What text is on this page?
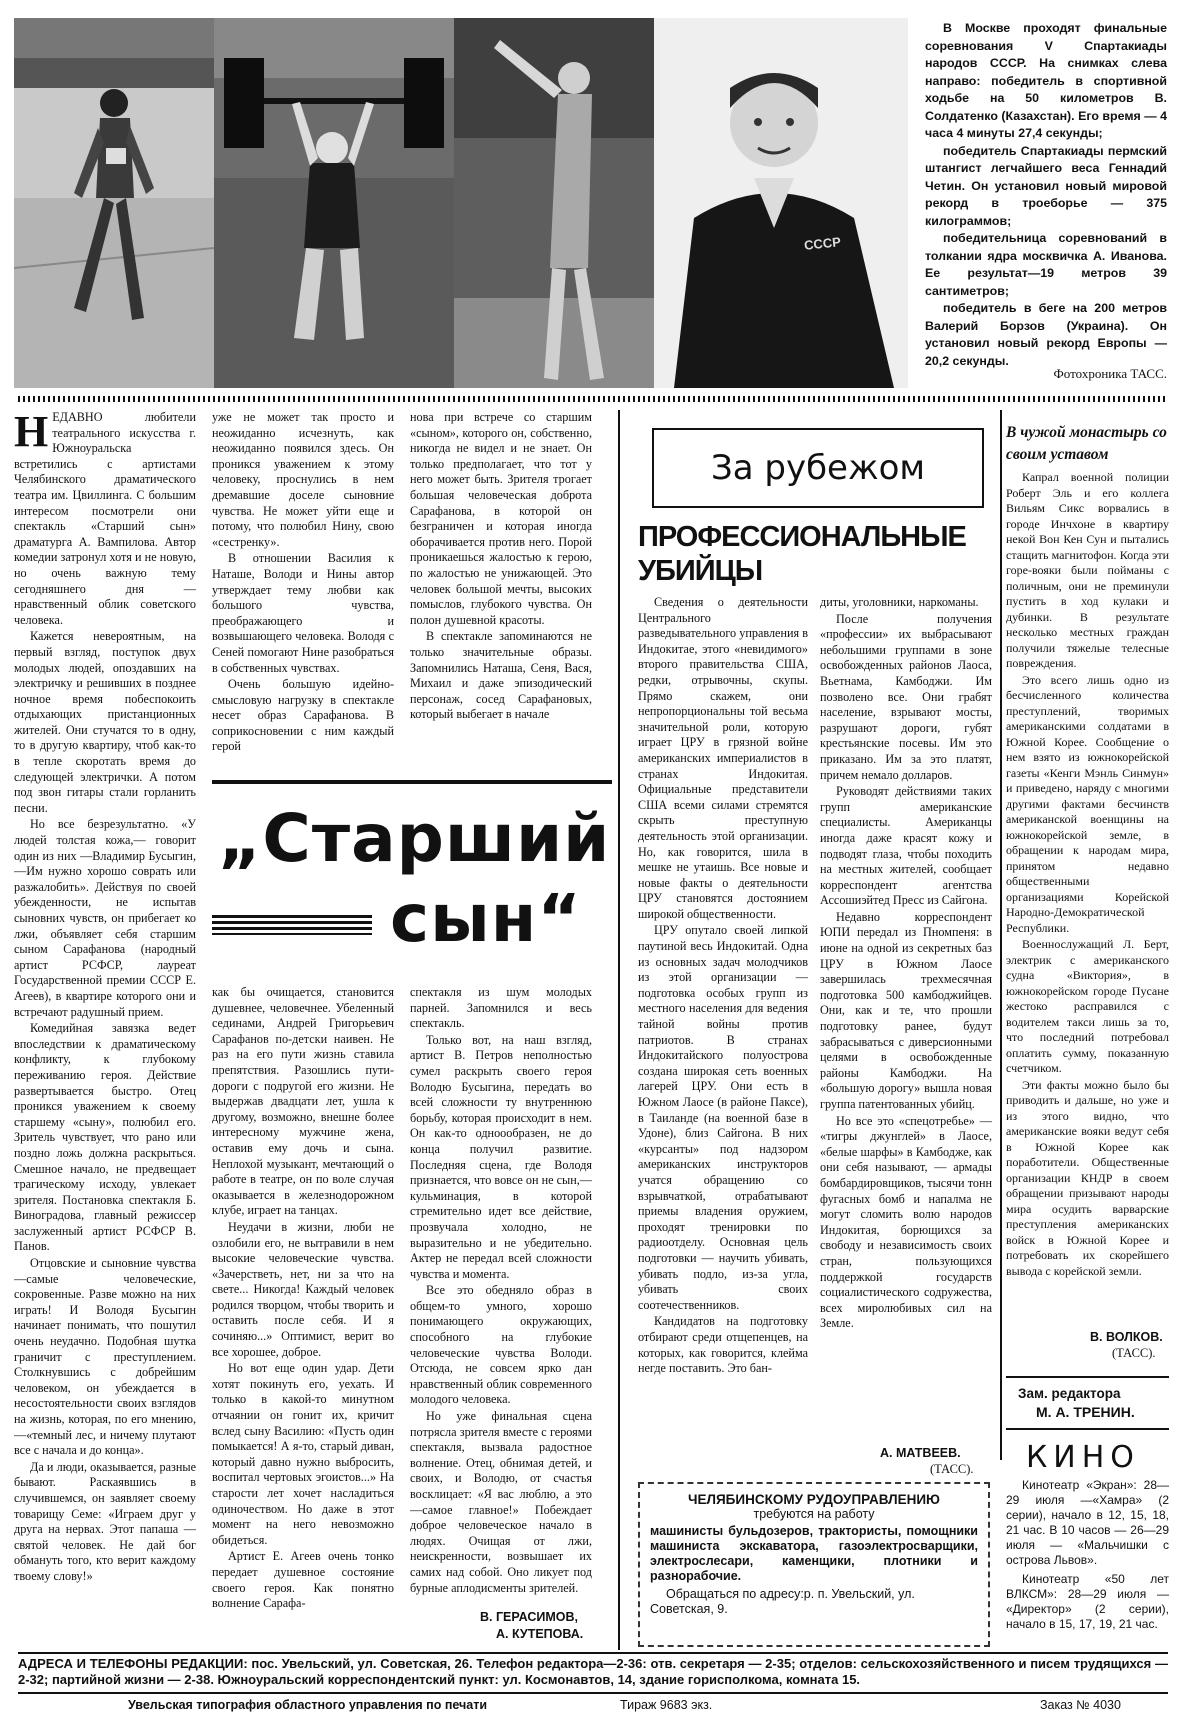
СССР

В Москве проходят финальные соревнования V Спартакиады народов СССР. На снимках слева направо: победитель в спортивной ходьбе на 50 километров В. Солдатенко (Казахстан). Его время — 4 часа 4 минуты 27,4 секунды;

победитель Спартакиады пермский штангист легчайшего веса Геннадий Четин. Он установил новый мировой рекорд в троеборье — 375 килограммов;

победительница соревнований в толкании ядра москвичка А. Иванова. Ее результат—19 метров 39 сантиметров;

победитель в беге на 200 метров Валерий Борзов (Украина). Он установил новый рекорд Европы — 20,2 секунды.

Фотохроника ТАСС.
Н ЕДАВНО любители театрального искусства г. Южноуральска встретились с артистами Челябинского драматического театра им. Цвиллинга. С большим интересом посмотрели они спектакль «Старший сын» драматурга А. Вампилова. Автор комедии затронул хотя и не новую, но очень важную тему сегодняшнего дня — нравственный облик советского человека.

Кажется невероятным, на первый взгляд, поступок двух молодых людей, опоздавших на электричку и решивших в позднее ночное время побеспокоить отдыхающих пристанционных жителей. Они стучатся то в одну, то в другую квартиру, чтоб как-то в тепле скоротать время до следующей электрички. А потом под звон гитары стали горланить песни.

Но все безрезультатно. «У людей толстая кожа,— говорит один из них —Владимир Бусыгин, —Им нужно хорошо соврать или разжалобить». Действуя по своей убежденности, не испытав сыновних чувств, он прибегает ко лжи, объявляет себя старшим сыном Сарафанова (народный артист РСФСР, лауреат Государственной премии СССР Е. Агеев), в квартире которого они и встречают радушный прием.

Комедийная завязка ведет впоследствии к драматическому конфликту, к глубокому переживанию героя. Действие развертывается быстро. Отец проникся уважением к своему старшему «сыну», полюбил его. Зритель чувствует, что рано или поздно ложь должна раскрыться. Смешное начало, не предвещает трагическому исходу, увлекает зрителя. Постановка спектакля Б. Виноградова, главный режиссер заслуженный артист РСФСР В. Панов.

Отцовские и сыновние чувства —самые человеческие, сокровенные. Разве можно на них играть! И Володя Бусыгин начинает понимать, что пошутил очень неудачно. Подобная шутка граничит с преступлением. Столкнувшись с добрейшим человеком, он убеждается в несостоятельности своих взглядов на жизнь, которая, по его мнению, —«темный лес, и ничему плутают все с начала и до конца».

Да и люди, оказывается, разные бывают. Раскаявшись в случившемся, он заявляет своему товарищу Семе: «Играем друг у друга на нервах. Этот папаша — святой человек. Не дай бог обмануть того, кто верит каждому твоему слову!»

уже не может так просто и неожиданно исчезнуть, как неожиданно появился здесь. Он проникся уважением к этому человеку, проснулись в нем дремавшие доселе сыновние чувства. Не может уйти еще и потому, что полюбил Нину, свою «сестренку».

В отношении Василия к Наташе, Володи и Нины автор утверждает тему любви как большого чувства, преображающего и возвышающего человека. Володя с Сеней помогают Нине разобраться в собственных чувствах.

Очень большую идейно-смысловую нагрузку в спектакле несет образ Сарафанова. В соприкосновении с ним каждый герой

нова при встрече со старшим «сыном», которого он, собственно, никогда не видел и не знает. Он только предполагает, что тот у него может быть. Зрителя трогает большая человеческая доброта Сарафанова, в которой он безграничен и которая иногда оборачивается против него. Порой проникаешься жалостью к герою, по жалостью не унижающей. Это человек большой мечты, высоких помыслов, глубокого чувства. Он полон душевной красоты.

В спектакле запоминаются не только значительные образы. Запомнились Наташа, Сеня, Вася, Михаил и даже эпизодический персонаж, сосед Сарафановых, который выбегает в начале

„Старший
сын“

как бы очищается, становится душевнее, человечнее. Убеленный сединами, Андрей Григорьевич Сарафанов по-детски наивен. Не раз на его пути жизнь ставила препятствия. Разошлись пути-дороги с подругой его жизни. Не выдержав двадцати лет, ушла к другому, возможно, внешне более интересному мужчине жена, оставив ему дочь и сына. Неплохой музыкант, мечтающий о работе в театре, он по воле случая оказывается в железнодорожном клубе, играет на танцах.

Неудачи в жизни, люби не озлобили его, не вытравили в нем высокие человеческие чувства. «Зачерстветь, нет, ни за что на свете... Никогда! Каждый человек родился творцом, чтобы творить и оставить после себя. И я сочиняю...» Оптимист, верит во все хорошее, доброе.

Но вот еще один удар. Дети хотят покинуть его, уехать. И только в какой-то минутном отчаянии он гонит их, кричит вслед сыну Василию: «Пусть один помыкается! А я-то, старый диван, который давно нужно выбросить, воспитал чертовых эгоистов...» На старости лет хочет насладиться одиночеством. Но даже в этот момент на него невозможно обидеться.

Артист Е. Агеев очень тонко передает душевное состояние своего героя. Как понятно волнение Сарафа-

спектакля из шум молодых парней. Запомнился и весь спектакль.

Только вот, на наш взгляд, артист В. Петров неполностью сумел раскрыть своего героя Володю Бусыгина, передать во всей сложности ту внутреннюю борьбу, которая происходит в нем. Он как-то одноообразен, не до конца получил развитие. Последняя сцена, где Володя признается, что вовсе он не сын,— кульминация, в которой стремительно идет все действие, прозвучала холодно, не выразительно и не убедительно. Актер не передал всей сложности чувства и момента.

Все это обедняло образ в общем-то умного, хорошо понимающего окружающих, способного на глубокие человеческие чувства Володи. Отсюда, не совсем ярко дан нравственный облик современного молодого человека.

Но уже финальная сцена потрясла зрителя вместе с героями спектакля, вызвала радостное волнение. Отец, обнимая детей, и своих, и Володю, от счастья восклицает: «Я вас люблю, а это —самое главное!» Побеждает доброе человеческое начало в людях. Очищая от лжи, неискренности, возвышает их самих над собой. Оно ликует под бурные аплодисменты зрителей.

В. ГЕРАСИМОВ,
А. КУТЕПОВА.
За рубежом
ПРОФЕССИОНАЛЬНЫЕ УБИЙЦЫ

Сведения о деятельности Центрального разведывательного управления в Индокитае, этого «невидимого» второго правительства США, редки, отрывочны, скупы. Прямо скажем, они непропорциональны той весьма значительной роли, которую играет ЦРУ в грязной войне американских империалистов в странах Индокитая. Официальные представители США всеми силами стремятся скрыть преступную деятельность этой организации. Но, как говорится, шила в мешке не утаишь. Все новые и новые факты о деятельности ЦРУ становятся достоянием широкой общественности.

ЦРУ опутало своей липкой паутиной весь Индокитай. Одна из основных задач молодчиков из этой организации — подготовка особых групп из местного населения для ведения тайной войны против патриотов. В странах Индокитайского полуострова создана широкая сеть военных лагерей ЦРУ. Они есть в Южном Лаосе (в районе Паксе), в Таиланде (на военной базе в Удоне), близ Сайгона. В них «курсанты» под надзором американских инструкторов учатся обращению со взрывчаткой, отрабатывают приемы владения оружием, проходят тренировки по радиоотделу. Основная цель подготовки — научить убивать, убивать подло, из-за угла, убивать своих соотечественников.

Кандидатов на подготовку отбирают среди отщепенцев, на которых, как говорится, клейма негде поставить. Это бан-

диты, уголовники, наркоманы.

После получения «профессии» их выбрасывают небольшими группами в зоне освобожденных районов Лаоса, Вьетнама, Камбоджи. Им позволено все. Они грабят население, взрывают мосты, разрушают дороги, губят крестьянские посевы. Им это приказано. Им за это платят, причем немало долларов.

Руководят действиями таких групп американские специалисты. Американцы иногда даже красят кожу и подводят глаза, чтобы походить на местных жителей, сообщает корреспондент агентства Ассошиэйтед Пресс из Сайгона.

Недавно корреспондент ЮПИ передал из Пномпеня: в июне на одной из секретных баз ЦРУ в Южном Лаосе завершилась трехмесячная подготовка 500 камбоджийцев. Они, как и те, что прошли подготовку ранее, будут забрасываться с диверсионными целями в освобожденные районы Камбоджи. На «большую дорогу» вышла новая группа патентованных убийц.

Но все это «спецотребье» — «тигры джунглей» в Лаосе, «белые шарфы» в Камбодже, как они себя называют, — армады бомбардировщиков, тысячи тонн фугасных бомб и напалма не могут сломить волю народов Индокитая, борющихся за свободу и независимость своих стран, пользующихся поддержкой государств социалистического содружества, всех миролюбивых сил на Земле.

А. МАТВЕЕВ.
(ТАСС).
ЧЕЛЯБИНСКОМУ РУДОУПРАВЛЕНИЮ
требуются на работу
машинисты бульдозеров, трактористы, помощники машиниста экскаватора, газоэлектросварщики, электрослесари, каменщики, плотники и разнорабочие.
Обращаться по адресу:р. п. Увельский, ул. Советская, 9.
В чужой монастырь со своим уставом

Капрал военной полиции Роберт Эль и его коллега Вильям Сикс ворвались в городе Инчхоне в квартиру некой Вон Кен Сун и пытались стащить магнитофон. Когда эти горе-вояки были пойманы с поличным, они не преминули пустить в ход кулаки и дубинки. В результате несколько местных граждан получили тяжелые телесные повреждения.

Это всего лишь одно из бесчисленного количества преступлений, творимых американскими солдатами в Южной Корее. Сообщение о нем взято из южнокорейской газеты «Кенги Мэнль Синмун» и приведено, наряду с многими другими фактами бесчинств американской военщины на южнокорейской земле, в обращении к народам мира, принятом недавно общественными организациями Корейской Народно-Демократической Республики.

Военнослужащий Л. Берт, электрик с американского судна «Виктория», в южнокорейском городе Пусане жестоко расправился с водителем такси лишь за то, что последний потребовал оплатить сумму, показанную счетчиком.

Эти факты можно было бы приводить и дальше, но уже и из этого видно, что американские вояки ведут себя в Южной Корее как поработители. Общественные организации КНДР в своем обращении призывают народы мира осудить варварские преступления американских войск в Южной Корее и потребовать их скорейшего вывода с корейской земли.

В. ВОЛКОВ.
(ТАСС).
Зам. редактора
М. А. ТРЕНИН.
КИНО

Кинотеатр «Экран»: 28—29 июля —«Хамра» (2 серии), начало в 12, 15, 18, 21 час. В 10 часов — 26—29 июля — «Мальчишки с острова Львов».

Кинотеатр «50 лет ВЛКСМ»: 28—29 июля — «Директор» (2 серии), начало в 15, 17, 19, 21 час.

АДРЕСА И ТЕЛЕФОНЫ РЕДАКЦИИ: пос. Увельский, ул. Советская, 26. Телефон редактора—2-36: отв. секретаря — 2-35; отделов: сельскохозяйственного и писем трудящихся — 2-32; партийной жизни — 2-38. Южноуральский корреспондентский пункт: ул. Космонавтов, 14, здание горисполкома, комната 15.
Увельская типография областного управления по печати	Тираж 9683 экз.	Заказ № 4030
